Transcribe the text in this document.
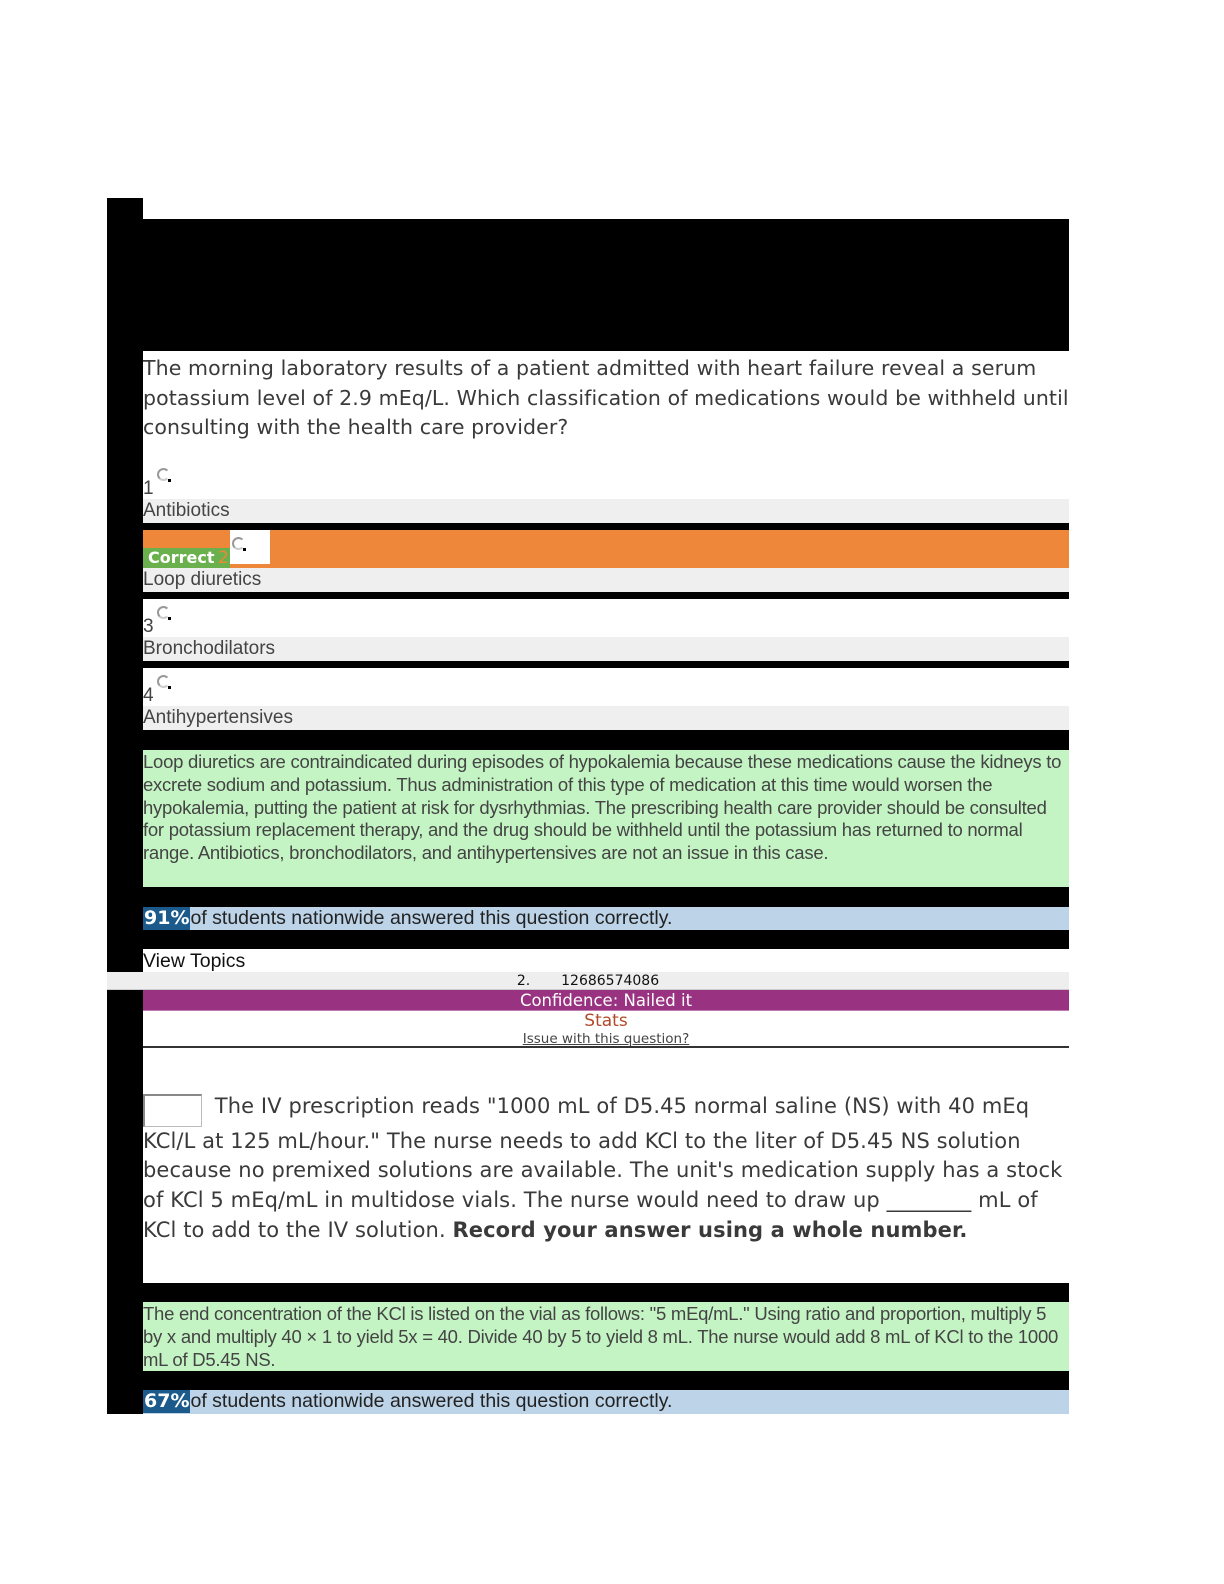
The morning laboratory results of a patient admitted with heart failure reveal a serum potassium level of 2.9 mEq/L. Which classification of medications would be withheld until consulting with the health care provider?
1
Antibiotics
Correct 2
Loop diuretics
3
Bronchodilators
4
Antihypertensives
Loop diuretics are contraindicated during episodes of hypokalemia because these medications cause the kidneys to excrete sodium and potassium. Thus administration of this type of medication at this time would worsen the hypokalemia, putting the patient at risk for dysrhythmias. The prescribing health care provider should be consulted for potassium replacement therapy, and the drug should be withheld until the potassium has returned to normal range. Antibiotics, bronchodilators, and antihypertensives are not an issue in this case.
91%of students nationwide answered this question correctly.
View Topics
2. 12686574086
Confidence: Nailed it
Stats
Issue with this question?
The IV prescription reads "1000 mL of D5.45 normal saline (NS) with 40 mEq KCl/L at 125 mL/hour." The nurse needs to add KCl to the liter of D5.45 NS solution because no premixed solutions are available. The unit's medication supply has a stock of KCl 5 mEq/mL in multidose vials. The nurse would need to draw up ________ mL of KCl to add to the IV solution. Record your answer using a whole number.
The end concentration of the KCl is listed on the vial as follows: "5 mEq/mL." Using ratio and proportion, multiply 5 by x and multiply 40 × 1 to yield 5x = 40. Divide 40 by 5 to yield 8 mL. The nurse would add 8 mL of KCl to the 1000 mL of D5.45 NS.
67%of students nationwide answered this question correctly.
